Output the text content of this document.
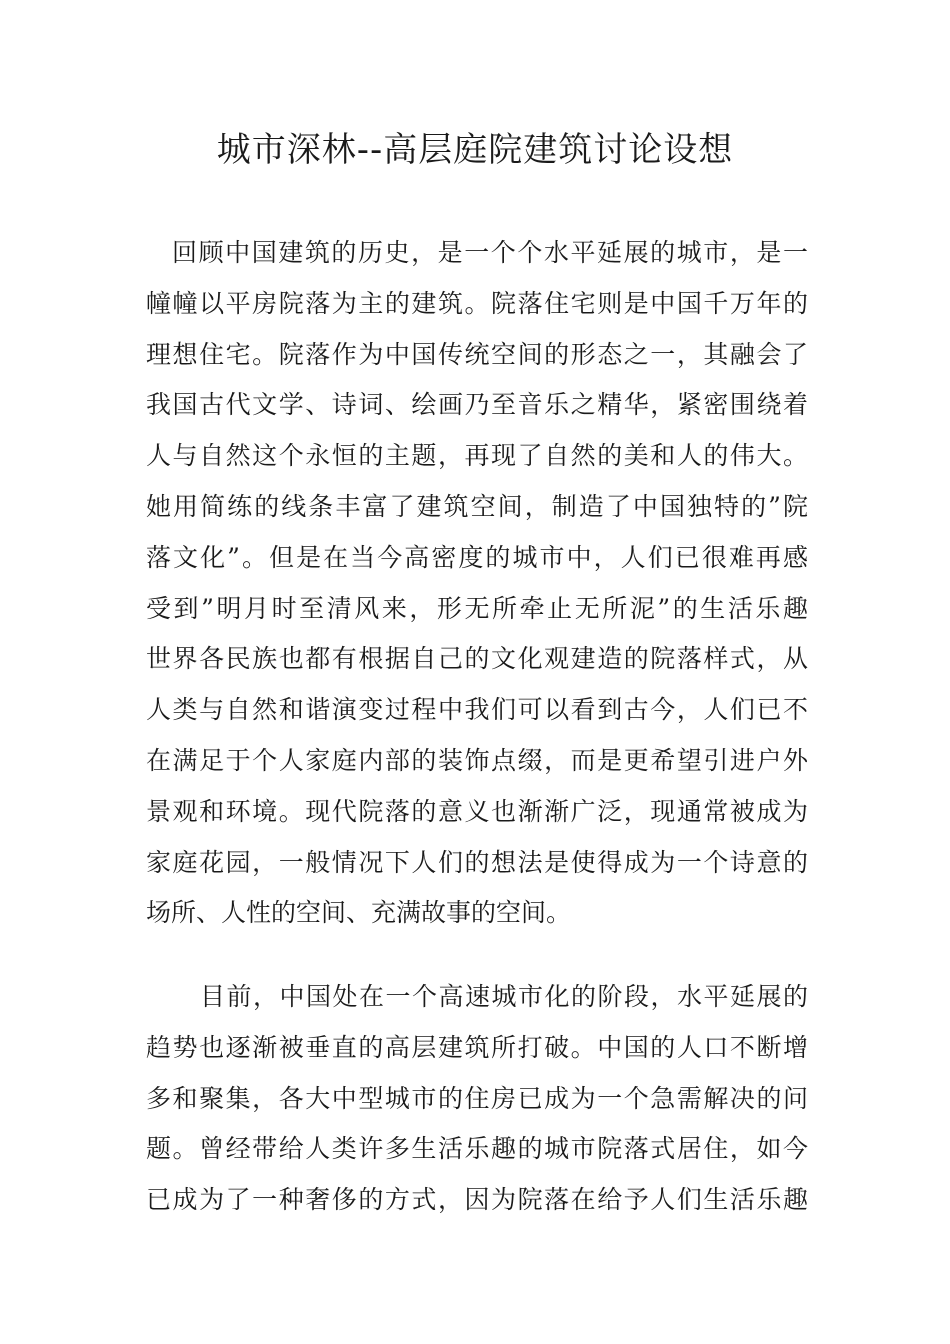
城市深林--高层庭院建筑讨论设想
回顾中国建筑的历史，是一个个水平延展的城市，是一
幢幢以平房院落为主的建筑。院落住宅则是中国千万年的
理想住宅。院落作为中国传统空间的形态之一，其融会了
我国古代文学、诗词、绘画乃至音乐之精华，紧密围绕着
人与自然这个永恒的主题，再现了自然的美和人的伟大。
她用简练的线条丰富了建筑空间，制造了中国独特的”院
落文化”。但是在当今高密度的城市中，人们已很难再感
受到”明月时至清风来，形无所牵止无所泥”的生活乐趣
世界各民族也都有根据自己的文化观建造的院落样式，从
人类与自然和谐演变过程中我们可以看到古今，人们已不
在满足于个人家庭内部的装饰点缀，而是更希望引进户外
景观和环境。现代院落的意义也渐渐广泛，现通常被成为
家庭花园，一般情况下人们的想法是使得成为一个诗意的
场所、人性的空间、充满故事的空间。
目前，中国处在一个高速城市化的阶段，水平延展的
趋势也逐渐被垂直的高层建筑所打破。中国的人口不断增
多和聚集，各大中型城市的住房已成为一个急需解决的问
题。曾经带给人类许多生活乐趣的城市院落式居住，如今
已成为了一种奢侈的方式，因为院落在给予人们生活乐趣
